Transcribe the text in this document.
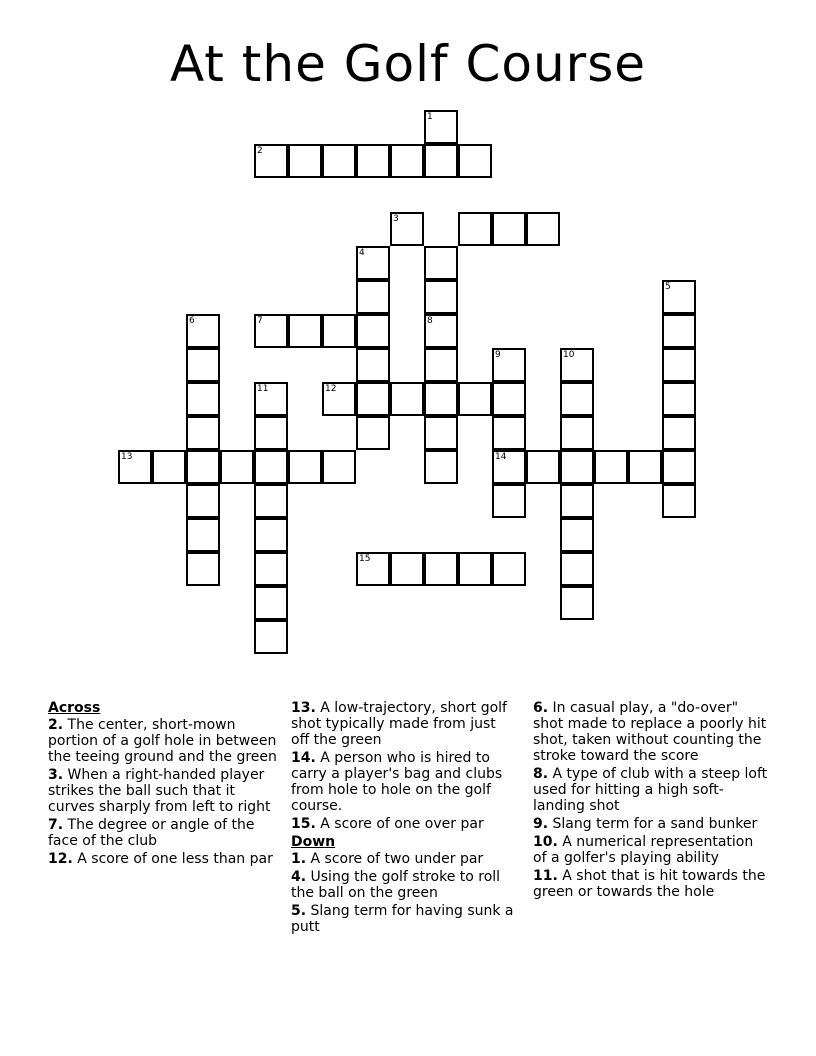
At the Golf Course
8
2
3
4
5
6	7
9
14
10
11	12
13
15
1
Across
2. The center, short-mown portion of a golf hole in between the teeing ground and the green
3. When a right-handed player strikes the ball such that it curves sharply from left to right
7. The degree or angle of the face of the club
12. A score of one less than par
13. A low-trajectory, short golf shot typically made from just off the green
14. A person who is hired to carry a player's bag and clubs from hole to hole on the golf course.
15. A score of one over par
Down
1. A score of two under par
4. Using the golf stroke to roll the ball on the green
5. Slang term for having sunk a putt
6. In casual play, a "do-over" shot made to replace a poorly hit shot, taken without counting the stroke toward the score
8. A type of club with a steep loft used for hitting a high soft-landing shot
9. Slang term for a sand bunker
10. A numerical representation of a golfer's playing ability
11. A shot that is hit towards the green or towards the hole
